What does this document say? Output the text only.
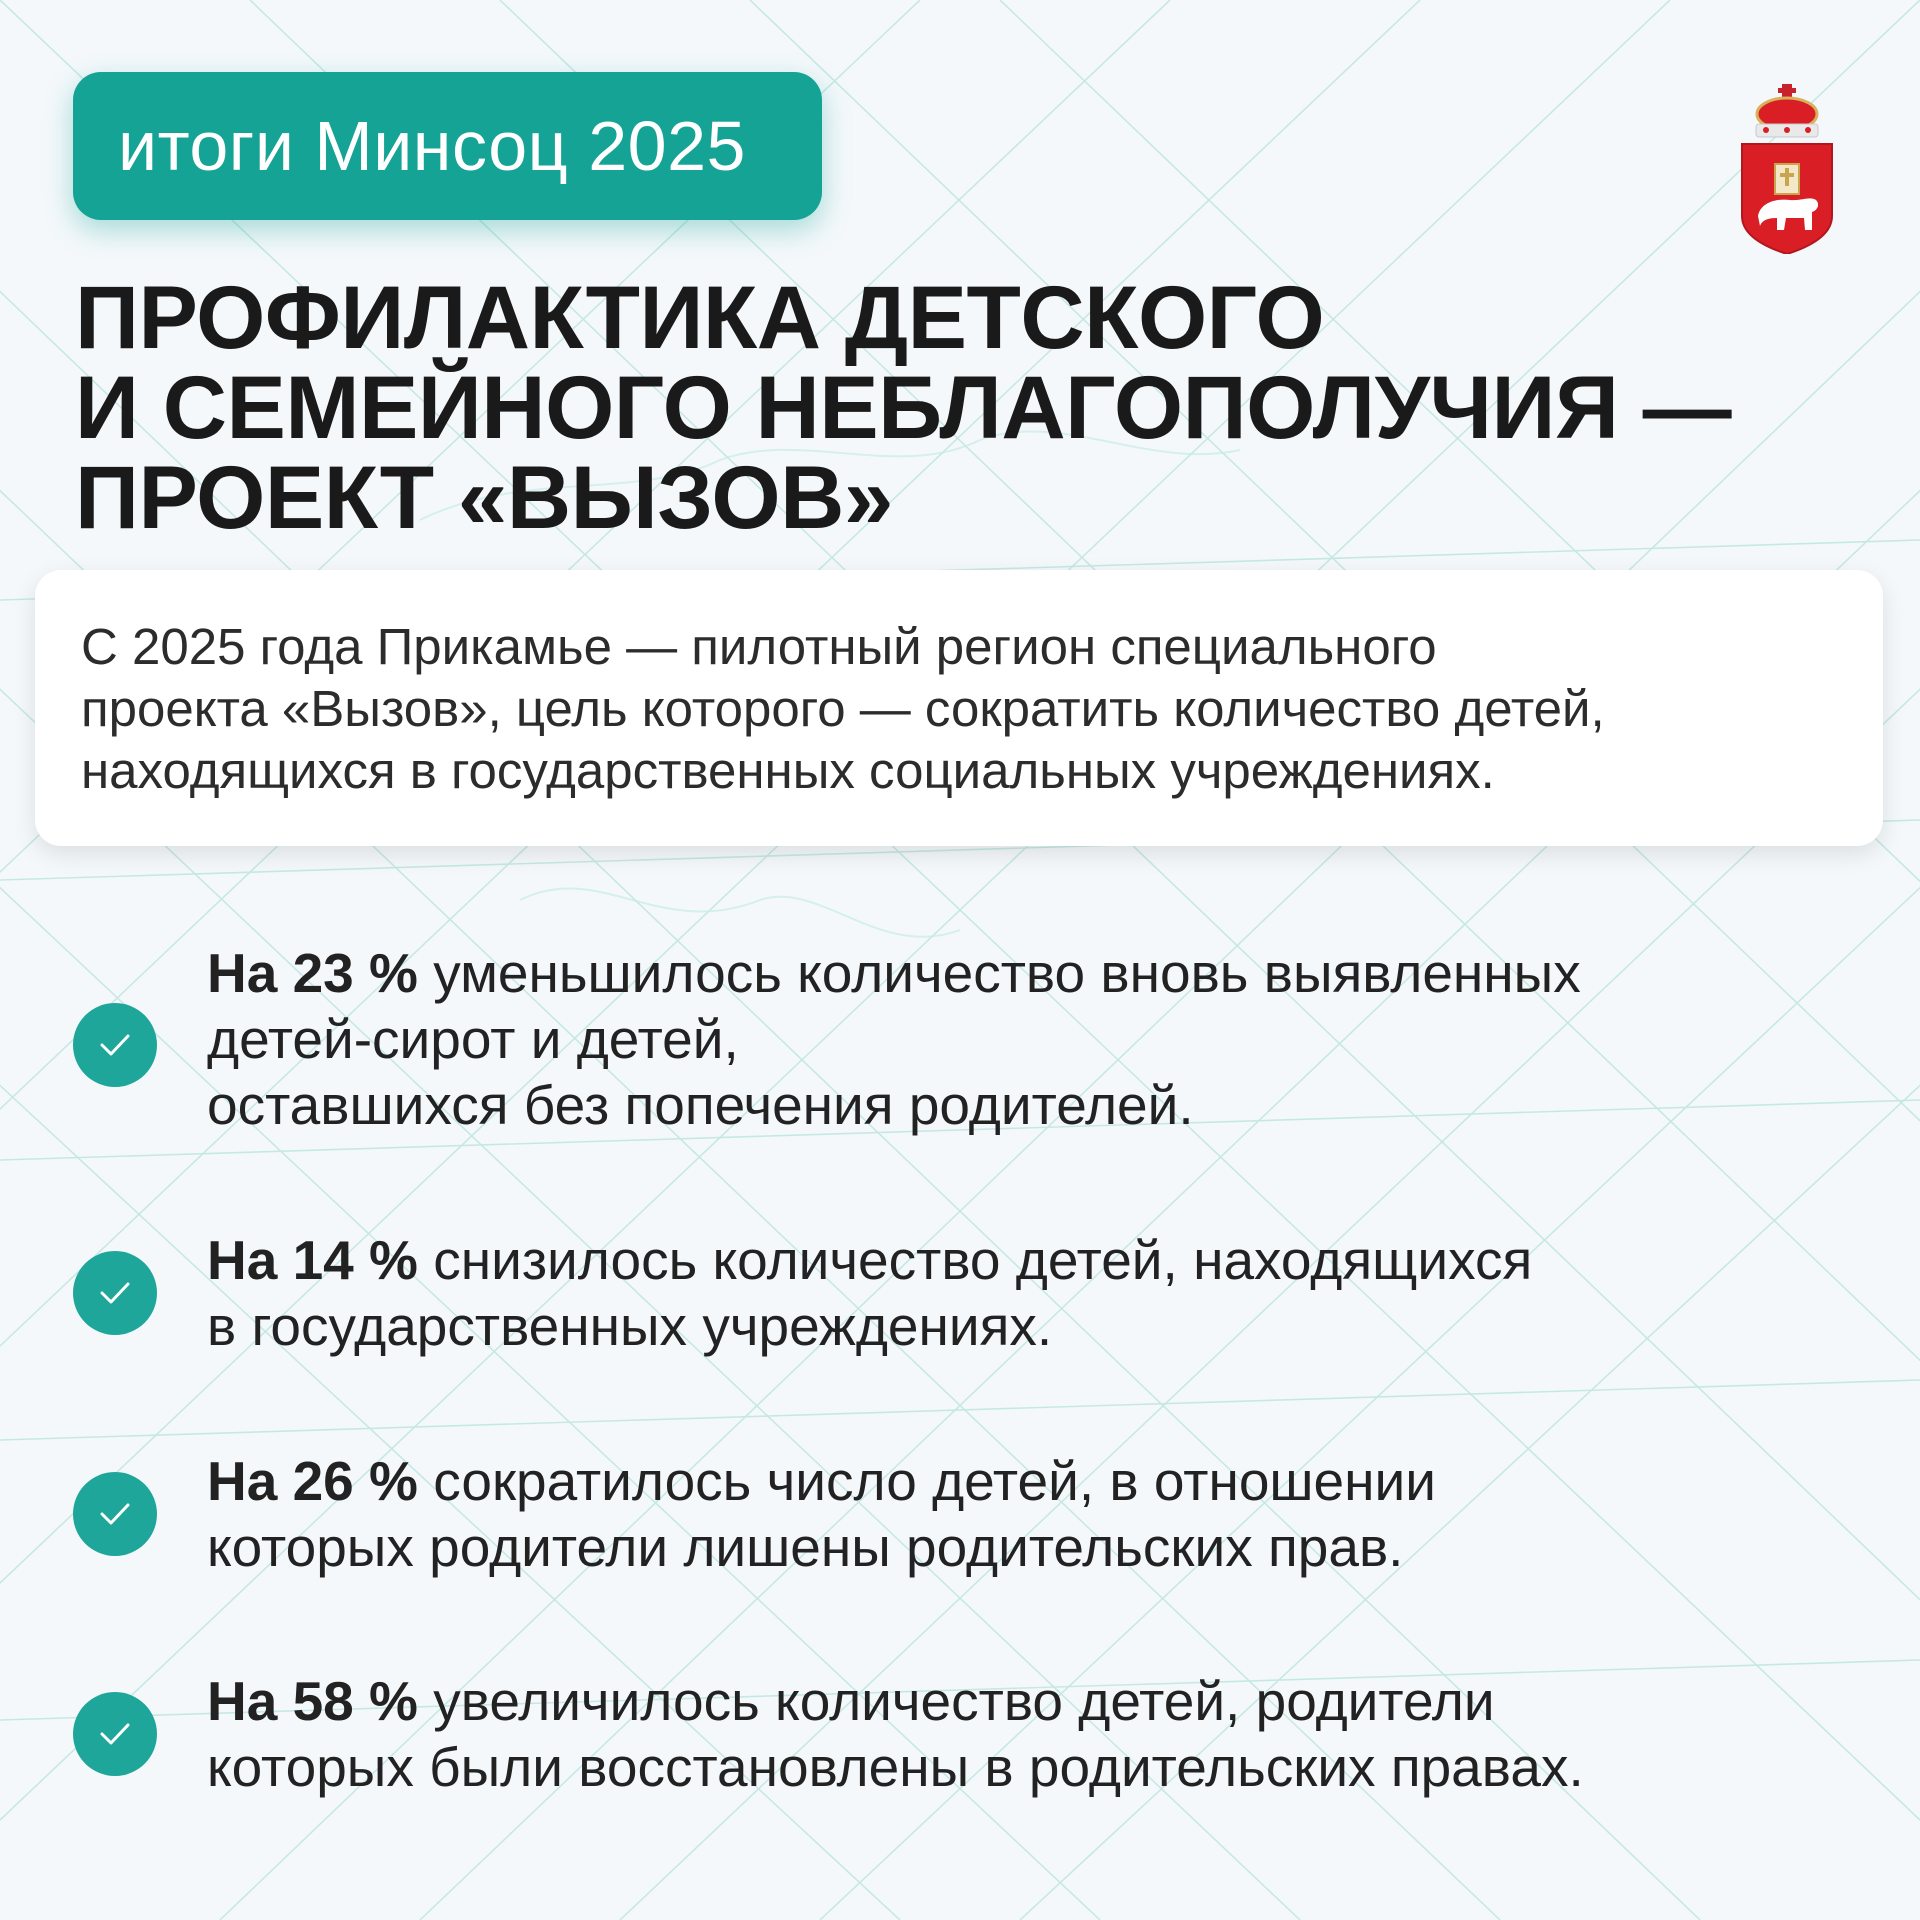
итоги Минсоц 2025
ПРОФИЛАКТИКА ДЕТСКОГО
И СЕМЕЙНОГО НЕБЛАГОПОЛУЧИЯ —
ПРОЕКТ «ВЫЗОВ»

С 2025 года Прикамье — пилотный регион специального
проекта «Вызов», цель которого — сократить количество детей,
находящихся в государственных социальных учреждениях.

На 23 % уменьшилось количество вновь выявленных
детей-сирот и детей,
оставшихся без попечения родителей.

На 14 % снизилось количество детей, находящихся
в государственных учреждениях.

На 26 % сократилось число детей, в отношении
которых родители лишены родительских прав.

На 58 % увеличилось количество детей, родители
которых были восстановлены в родительских правах.
